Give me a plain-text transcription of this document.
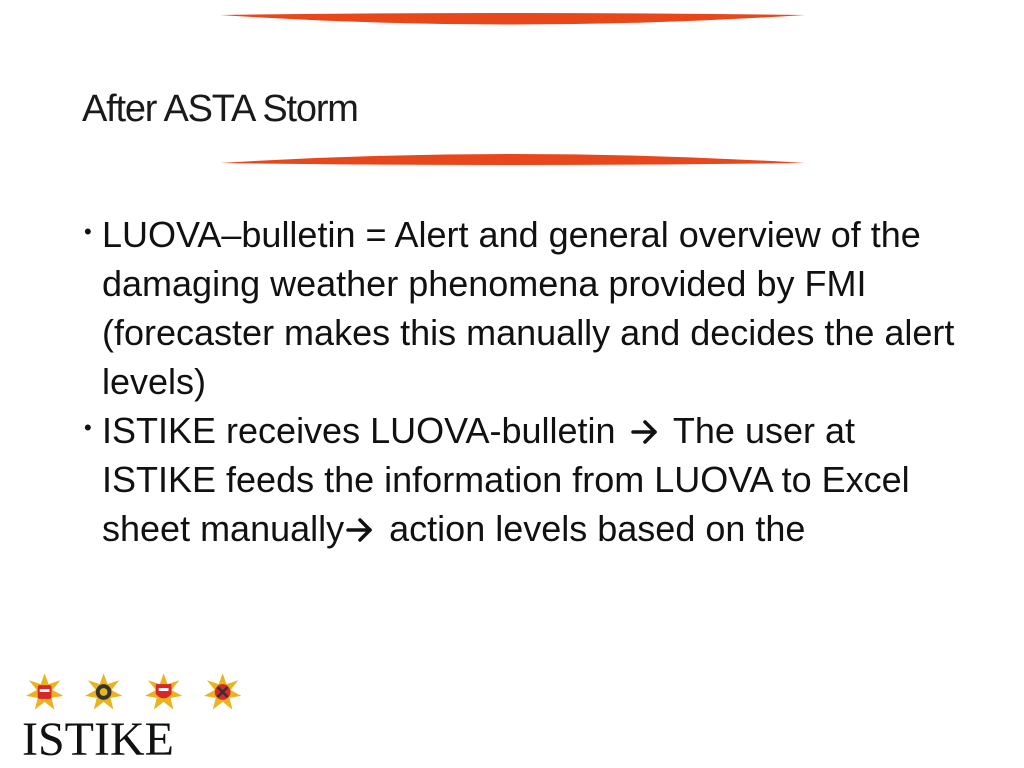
After ASTA Storm
• LUOVA–bulletin = Alert and general overview of the damaging weather phenomena provided by FMI (forecaster makes this manually and decides the alert levels)
• ISTIKE receives LUOVA-bulletin The user at ISTIKE feeds the information from LUOVA to Excel sheet manually action levels based on the
ISTIKE
